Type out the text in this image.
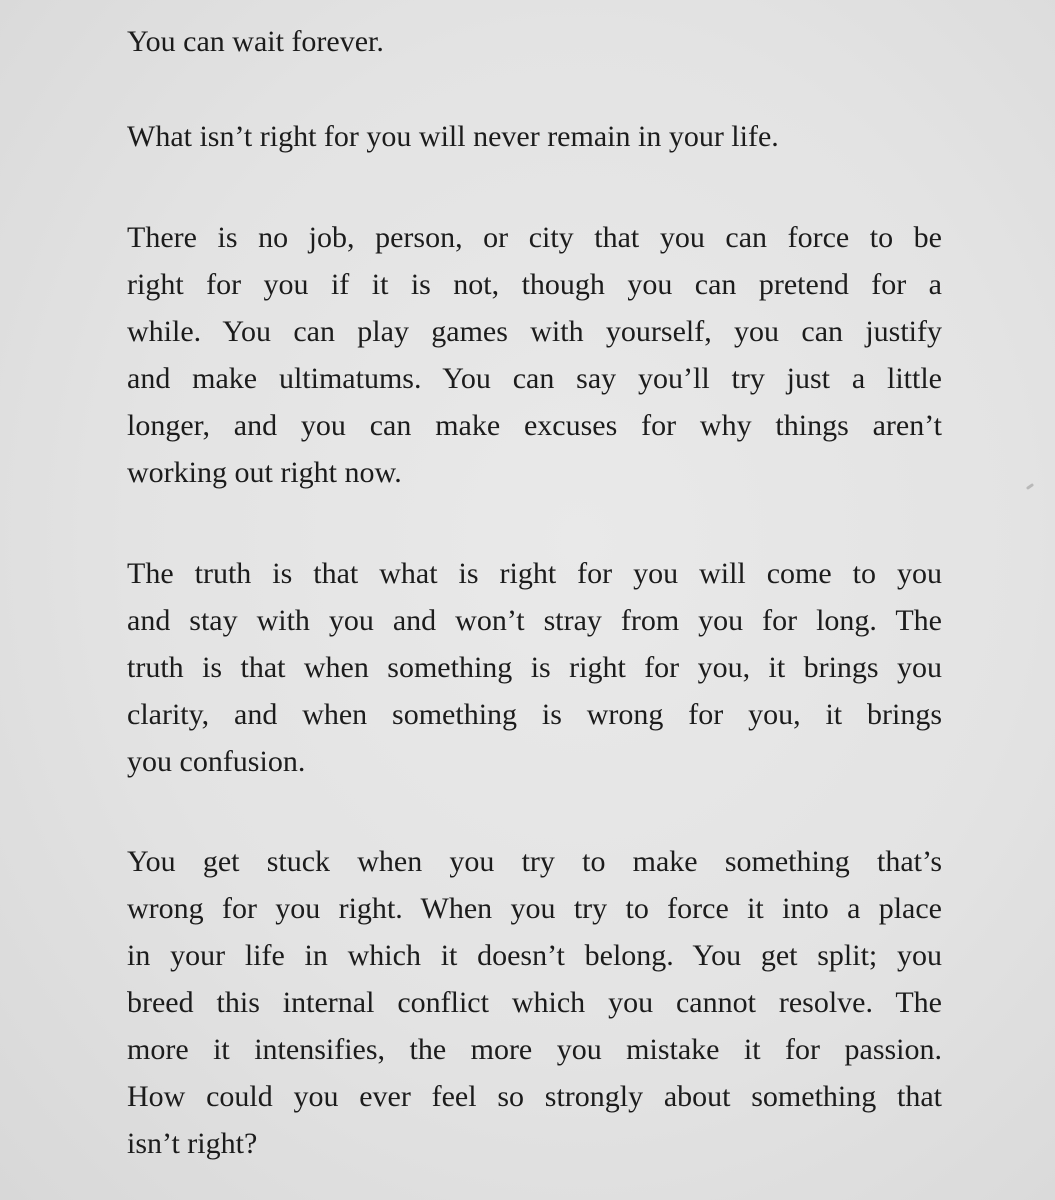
You can wait forever.
What isn’t right for you will never remain in your life.
There is no job, person, or city that you can force to be
right for you if it is not, though you can pretend for a
while. You can play games with yourself, you can justify
and make ultimatums. You can say you’ll try just a little
longer, and you can make excuses for why things aren’t
working out right now.
The truth is that what is right for you will come to you
and stay with you and won’t stray from you for long. The
truth is that when something is right for you, it brings you
clarity, and when something is wrong for you, it brings
you confusion.
You get stuck when you try to make something that’s
wrong for you right. When you try to force it into a place
in your life in which it doesn’t belong. You get split; you
breed this internal conflict which you cannot resolve. The
more it intensifies, the more you mistake it for passion.
How could you ever feel so strongly about something that
isn’t right?
